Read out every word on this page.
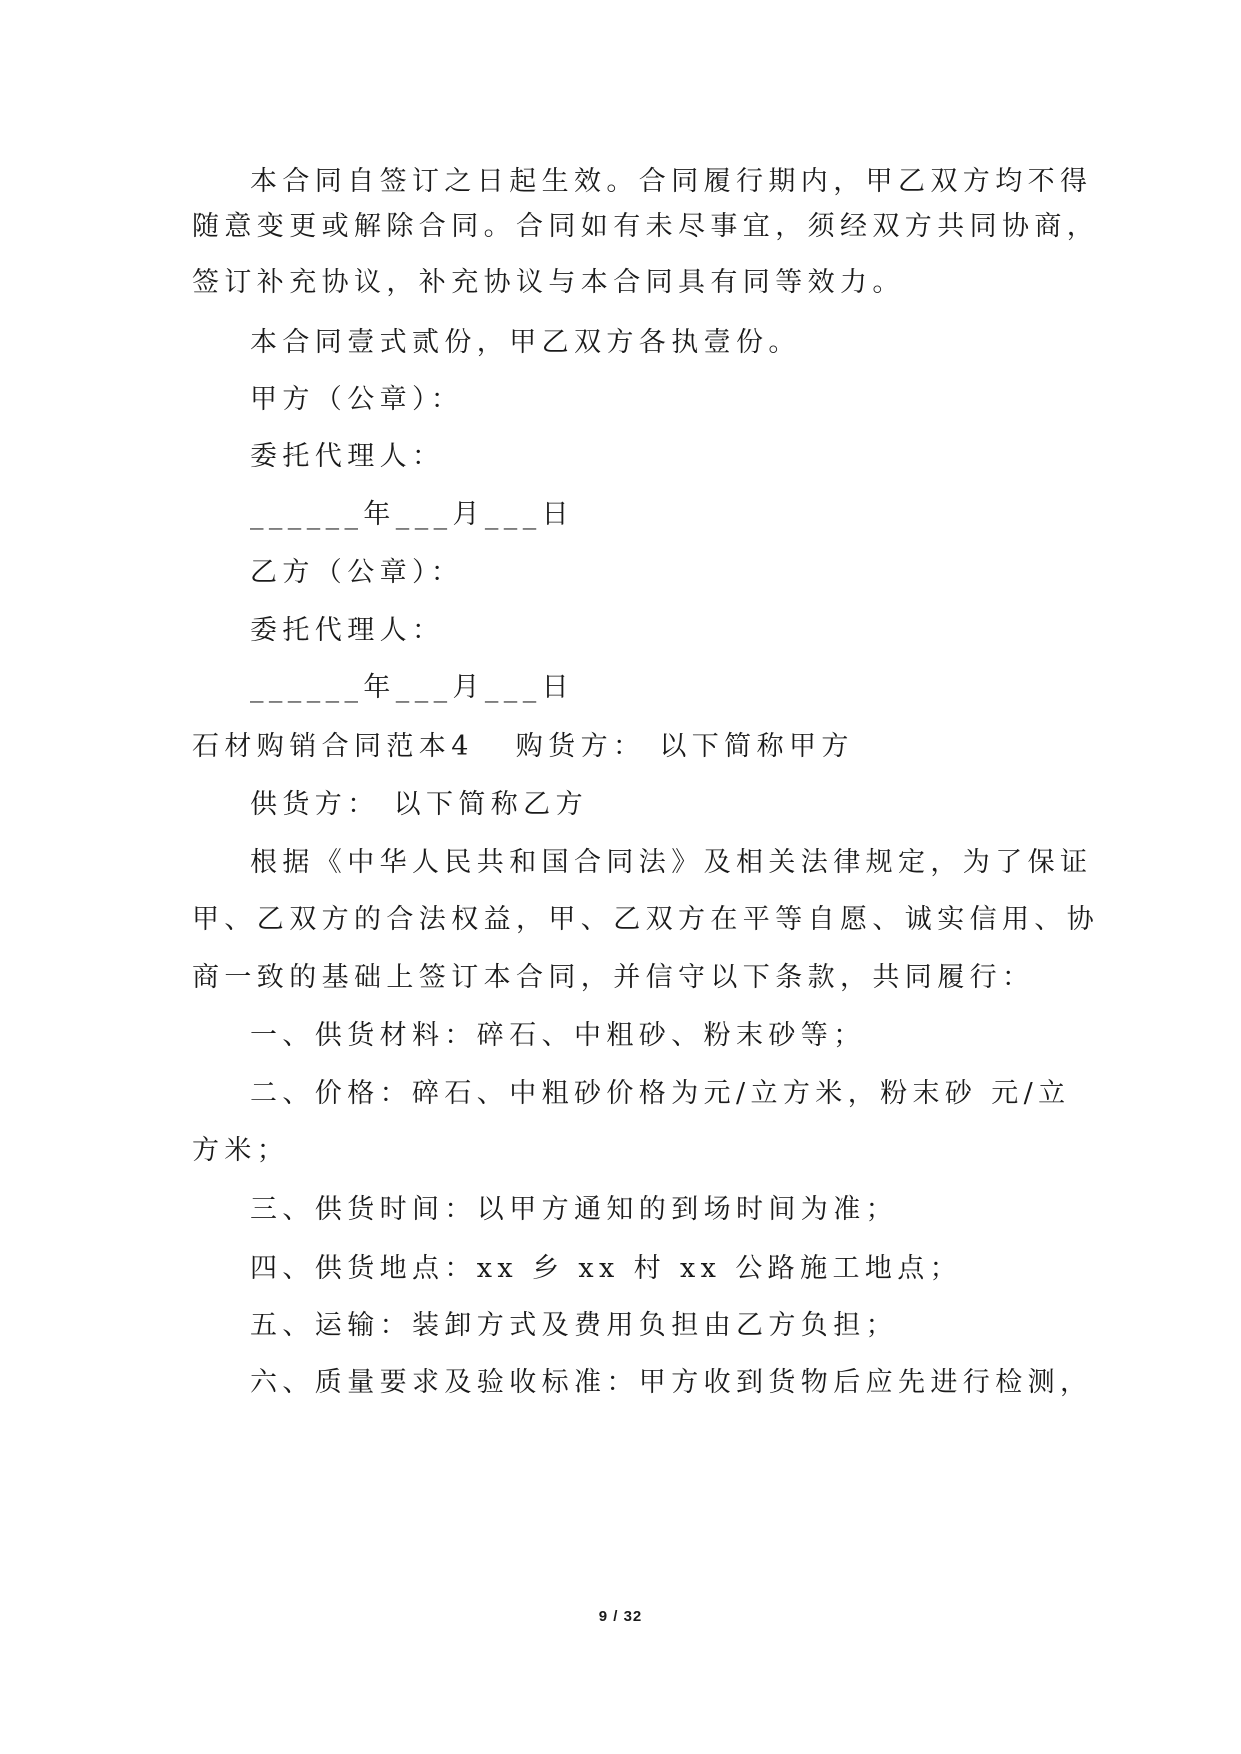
本合同自签订之日起生效。合同履行期内，甲乙双方均不得
随意变更或解除合同。合同如有未尽事宜，须经双方共同协商，
签订补充协议，补充协议与本合同具有同等效力。
本合同壹式贰份，甲乙双方各执壹份。
甲方（公章）：
委托代理人：
______年___月___日
乙方（公章）：
委托代理人：
______年___月___日
石材购销合同范本4 购货方： 以下简称甲方
供货方： 以下简称乙方
根据《中华人民共和国合同法》及相关法律规定，为了保证
甲、乙双方的合法权益，甲、乙双方在平等自愿、诚实信用、协
商一致的基础上签订本合同，并信守以下条款，共同履行：
一、供货材料：碎石、中粗砂、粉末砂等；
二、价格：碎石、中粗砂价格为元/立方米，粉末砂 元/立
方米；
三、供货时间：以甲方通知的到场时间为准；
四、供货地点：xx 乡 xx 村 xx 公路施工地点；
五、运输：装卸方式及费用负担由乙方负担；
六、质量要求及验收标准：甲方收到货物后应先进行检测，
9 / 32
